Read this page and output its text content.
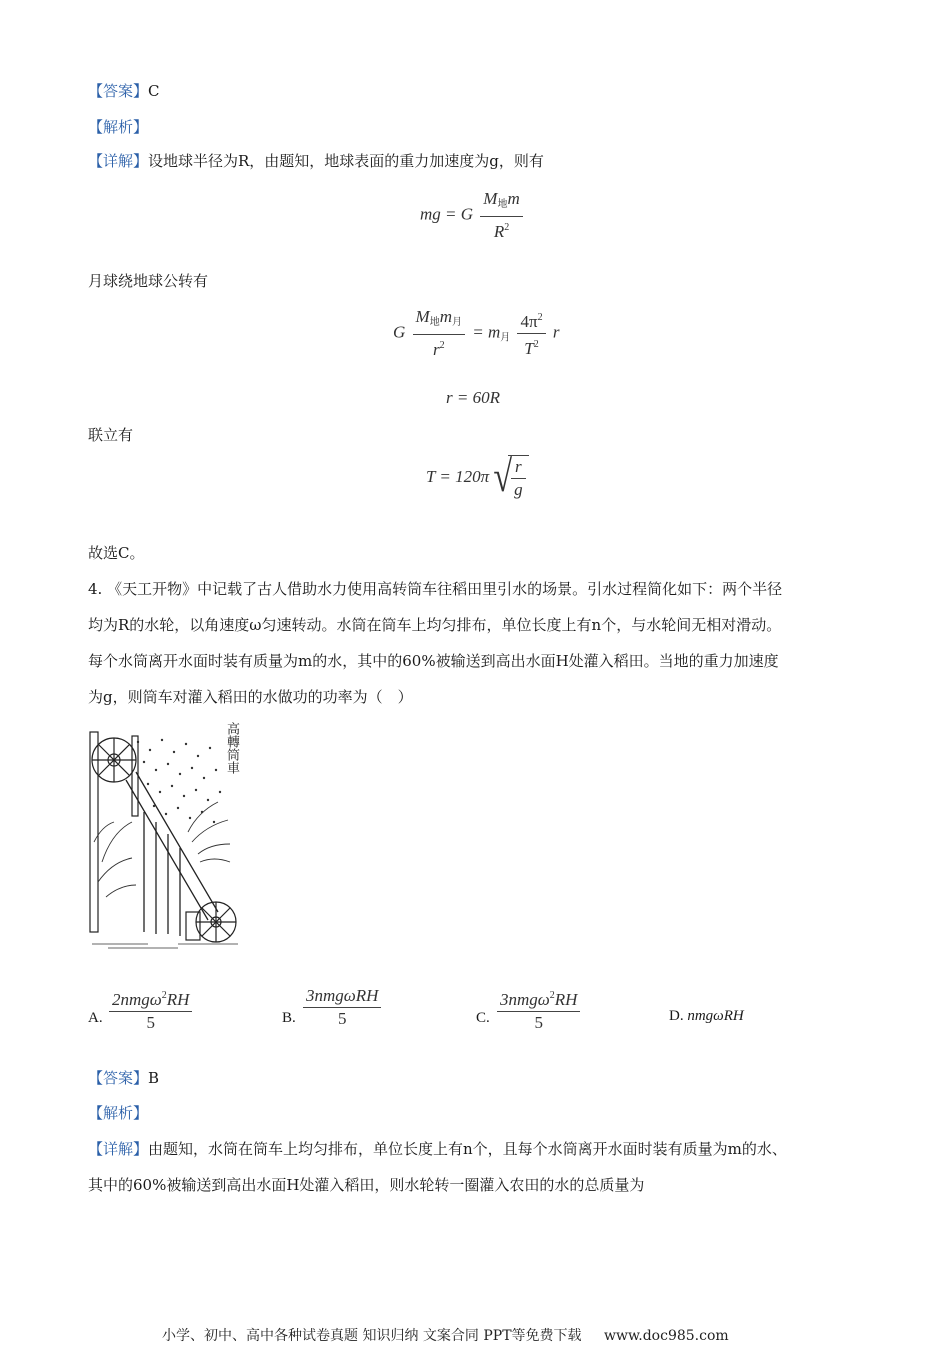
【答案】C
【解析】
【详解】设地球半径为R，由题知，地球表面的重力加速度为g，则有
mg = G $\frac{M_地m}{R^2}$
月球绕地球公转有
G $\frac{M_地m_月}{r^2} = m_月 \frac{4\pi^2}{T^2}$ r
r = 60R
联立有
T = 120π √ $\frac{r}{g}$
故选C。
4. 《天工开物》中记载了古人借助水力使用高转筒车往稻田里引水的场景。引水过程简化如下：两个半径
均为R的水轮，以角速度ω匀速转动。水筒在筒车上均匀排布，单位长度上有n个，与水轮间无相对滑动。
每个水筒离开水面时装有质量为m的水，其中的60%被输送到高出水面H处灌入稻田。当地的重力加速度
为g，则筒车对灌入稻田的水做功的功率为（　）
高轉筒車
A. $\frac{2nmg\omega^2RH}{5}$	B. $\frac{\text{3nmgωRH}}{5}$	C. $\frac{3nmg\omega^2RH}{5}$	D. nmgωRH
【答案】B
【解析】
【详解】由题知，水筒在筒车上均匀排布，单位长度上有n个，且每个水筒离开水面时装有质量为m的水、
其中的60%被输送到高出水面H处灌入稻田，则水轮转一圈灌入农田的水的总质量为
小学、初中、高中各种试卷真题 知识归纳 文案合同 PPT等免费下载 www.doc985.com
